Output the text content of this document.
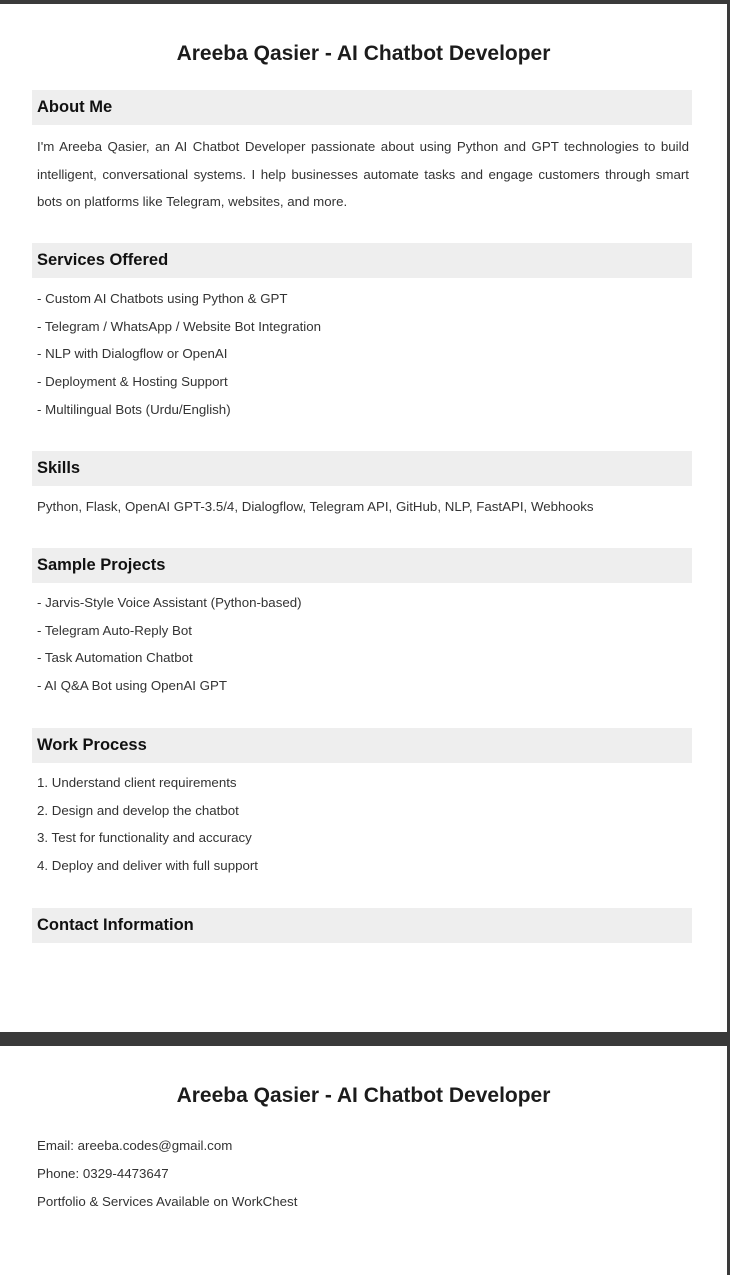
Areeba Qasier - AI Chatbot Developer
About Me

I'm Areeba Qasier, an AI Chatbot Developer passionate about using Python and GPT technologies to build intelligent, conversational systems. I help businesses automate tasks and engage customers through smart bots on platforms like Telegram, websites, and more.

Services Offered
- Custom AI Chatbots using Python & GPT
- Telegram / WhatsApp / Website Bot Integration
- NLP with Dialogflow or OpenAI
- Deployment & Hosting Support
- Multilingual Bots (Urdu/English)
Skills

Python, Flask, OpenAI GPT-3.5/4, Dialogflow, Telegram API, GitHub, NLP, FastAPI, Webhooks

Sample Projects
- Jarvis-Style Voice Assistant (Python-based)
- Telegram Auto-Reply Bot
- Task Automation Chatbot
- AI Q&A Bot using OpenAI GPT
Work Process
1. Understand client requirements
2. Design and develop the chatbot
3. Test for functionality and accuracy
4. Deploy and deliver with full support
Contact Information
Areeba Qasier - AI Chatbot Developer

Email: areeba.codes@gmail.com

Phone: 0329-4473647

Portfolio & Services Available on WorkChest
